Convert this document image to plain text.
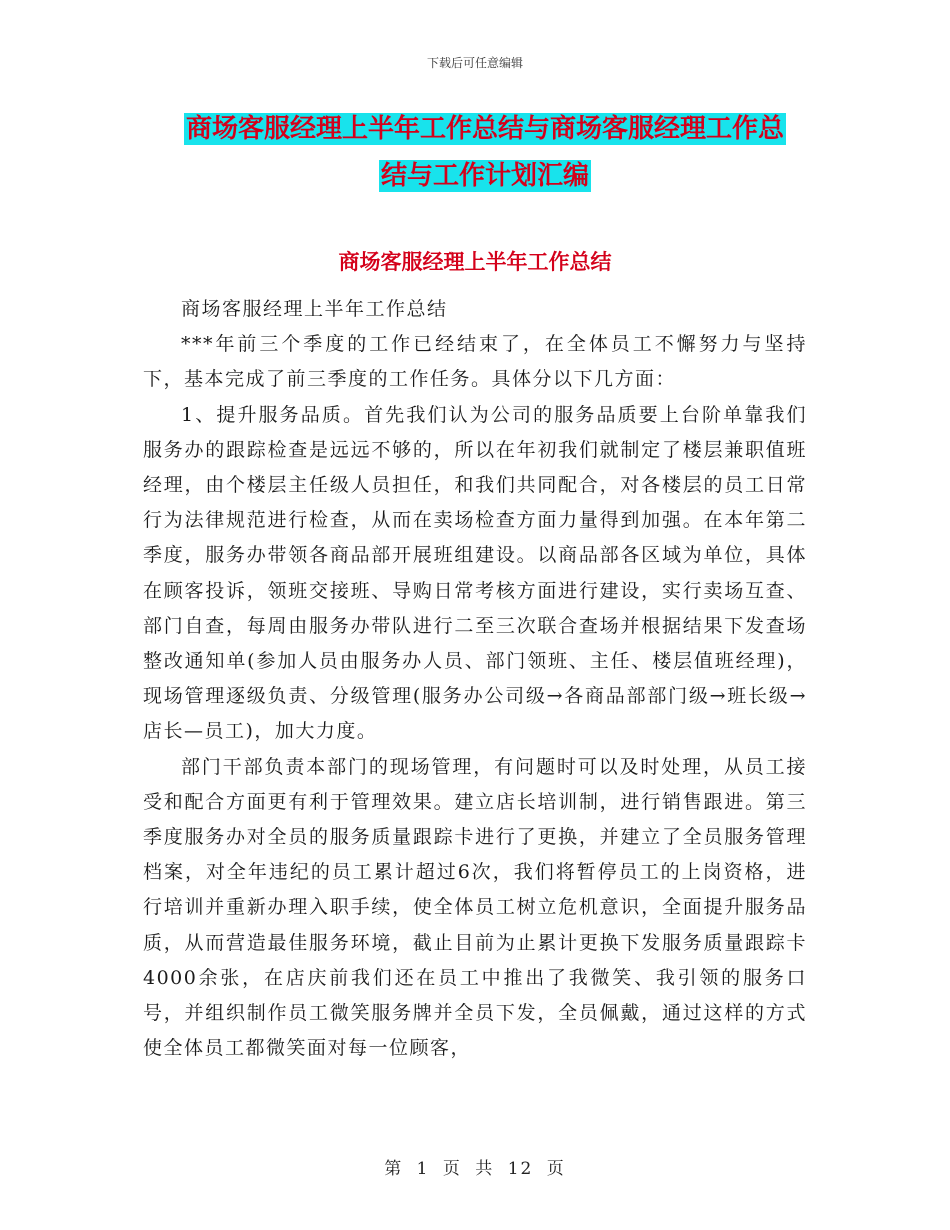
下载后可任意编辑
商场客服经理上半年工作总结与商场客服经理工作总
结与工作计划汇编
商场客服经理上半年工作总结

商场客服经理上半年工作总结

***年前三个季度的工作已经结束了，在全体员工不懈努力与坚持下，基本完成了前三季度的工作任务。具体分以下几方面：

1、提升服务品质。首先我们认为公司的服务品质要上台阶单靠我们服务办的跟踪检查是远远不够的，所以在年初我们就制定了楼层兼职值班经理，由个楼层主任级人员担任，和我们共同配合，对各楼层的员工日常行为法律规范进行检查，从而在卖场检查方面力量得到加强。在本年第二季度，服务办带领各商品部开展班组建设。以商品部各区域为单位，具体在顾客投诉，领班交接班、导购日常考核方面进行建设，实行卖场互查、部门自查，每周由服务办带队进行二至三次联合查场并根据结果下发查场整改通知单(参加人员由服务办人员、部门领班、主任、楼层值班经理)，现场管理逐级负责、分级管理(服务办公司级→各商品部部门级→班长级→店长—员工)，加大力度。

部门干部负责本部门的现场管理，有问题时可以及时处理，从员工接受和配合方面更有利于管理效果。建立店长培训制，进行销售跟进。第三季度服务办对全员的服务质量跟踪卡进行了更换，并建立了全员服务管理档案，对全年违纪的员工累计超过6次，我们将暂停员工的上岗资格，进行培训并重新办理入职手续，使全体员工树立危机意识，全面提升服务品质，从而营造最佳服务环境，截止目前为止累计更换下发服务质量跟踪卡4000余张，在店庆前我们还在员工中推出了我微笑、我引领的服务口号，并组织制作员工微笑服务牌并全员下发，全员佩戴，通过这样的方式使全体员工都微笑面对每一位顾客，

第 1 页 共 12 页
